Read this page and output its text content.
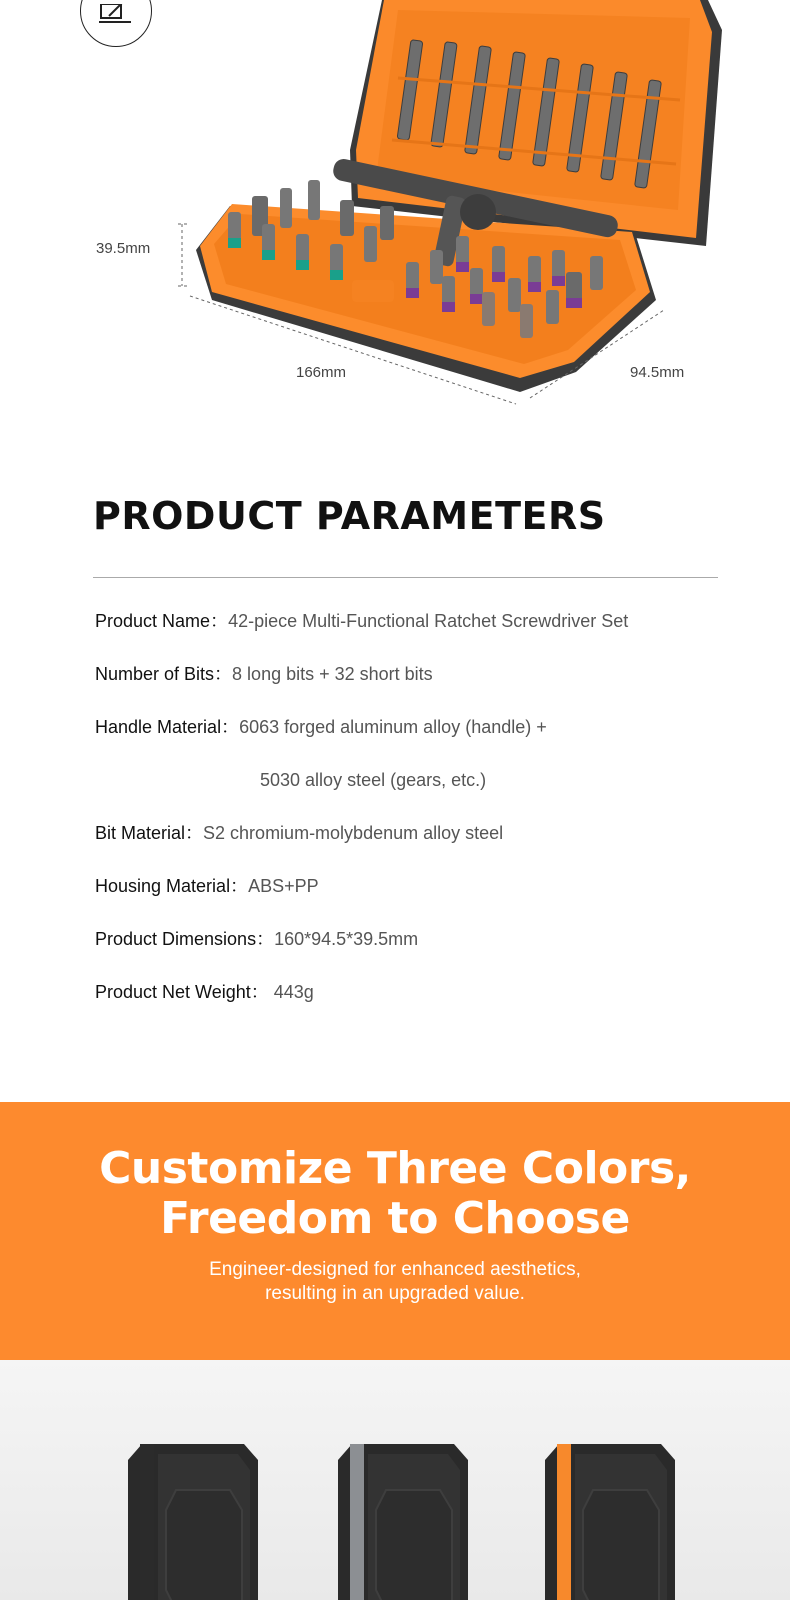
39.5mm
166mm	94.5mm
PRODUCT PARAMETERS
Product Name：42-piece Multi-Functional Ratchet Screwdriver Set
Number of Bits：8 long bits + 32 short bits
Handle Material：6063 forged aluminum alloy (handle) +
5030 alloy steel (gears, etc.)
Bit Material：S2 chromium-molybdenum alloy steel
Housing Material：ABS+PP
Product Dimensions：160*94.5*39.5mm
Product Net Weight： 443g
Customize Three Colors,
Freedom to Choose

Engineer-designed for enhanced aesthetics,
resulting in an upgraded value.
